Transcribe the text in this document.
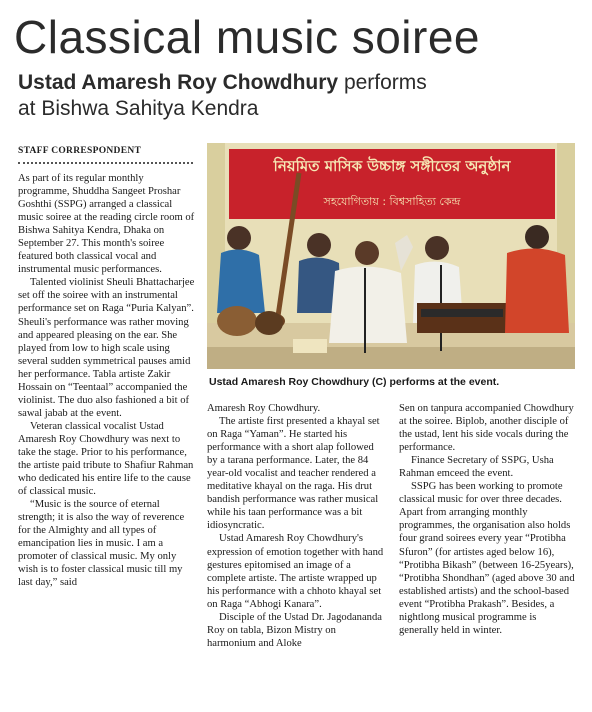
Classical music soiree
Ustad Amaresh Roy Chowdhury performs
at Bishwa Sahitya Kendra
STAFF CORRESPONDENT

As part of its regular monthly programme, Shuddha Sangeet Proshar Goshthi (SSPG) arranged a classical music soiree at the reading circle room of Bishwa Sahitya Kendra, Dhaka on September 27. This month's soiree featured both classical vocal and instrumental music performances.

Talented violinist Sheuli Bhattacharjee set off the soiree with an instrumental performance set on Raga “Puria Kalyan”. Sheuli's performance was rather moving and appeared pleasing on the ear. She played from low to high scale using several sudden symmetrical pauses amid her performance. Tabla artiste Zakir Hossain on “Teentaal” accompanied the violinist. The duo also fashioned a bit of sawal jabab at the event.

Veteran classical vocalist Ustad Amaresh Roy Chowdhury was next to take the stage. Prior to his performance, the artiste paid tribute to Shafiur Rahman who dedicated his entire life to the cause of classical music.

“Music is the source of eternal strength; it is also the way of reverence for the Almighty and all types of emancipation lies in music. I am a promoter of classical music. My only wish is to foster classical music till my last day,” said

নিয়মিত মাসিক উচ্চাঙ্গ সঙ্গীতের অনুষ্ঠান
সহযোগিতায় : বিশ্বসাহিত্য কেন্দ্র
Ustad Amaresh Roy Chowdhury (C) performs at the event.

Amaresh Roy Chowdhury.

The artiste first presented a khayal set on Raga “Yaman”. He started his performance with a short alap followed by a tarana performance. Later, the 84 year-old vocalist and teacher rendered a meditative khayal on the raga. His drut bandish performance was rather musical while his taan performance was a bit idiosyncratic.

Ustad Amaresh Roy Chowdhury's expression of emotion together with hand gestures epitomised an image of a complete artiste. The artiste wrapped up his performance with a chhoto khayal set on Raga “Abhogi Kanara”.

Disciple of the Ustad Dr. Jagodananda Roy on tabla, Bizon Mistry on harmonium and Aloke

Sen on tanpura accompanied Chowdhury at the soiree. Biplob, another disciple of the ustad, lent his side vocals during the performance.

Finance Secretary of SSPG, Usha Rahman emceed the event.

SSPG has been working to promote classical music for over three decades. Apart from arranging monthly programmes, the organisation also holds four grand soirees every year “Protibha Sfuron” (for artistes aged below 16), “Protibha Bikash” (between 16-25years), “Protibha Shondhan” (aged above 30 and established artists) and the school-based event “Protibha Prakash”. Besides, a nightlong musical programme is generally held in winter.
